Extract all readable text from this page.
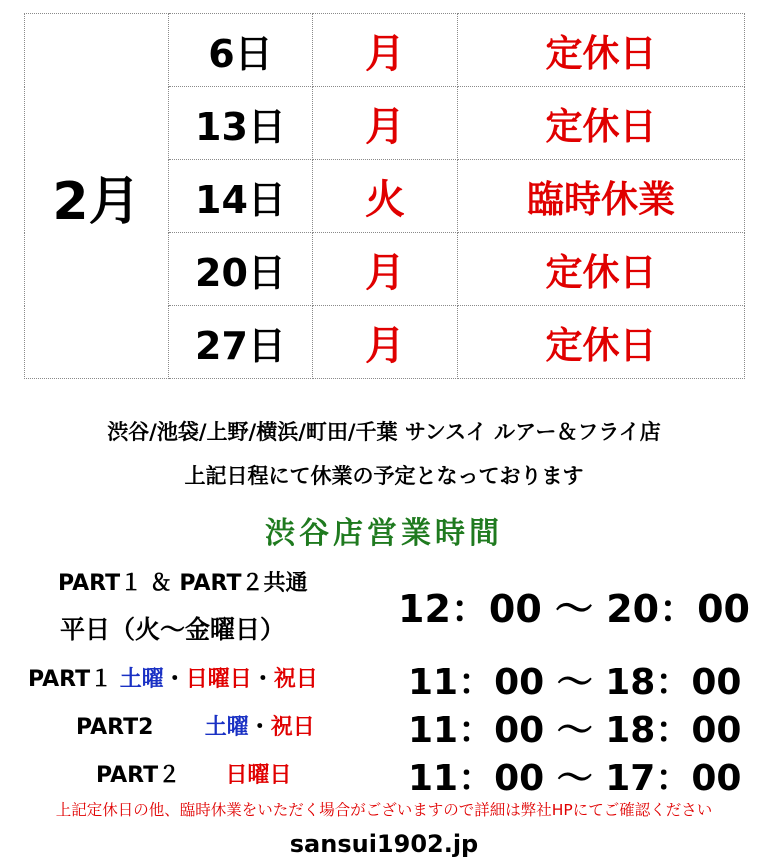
2月	6日	月	定休日
	13日	月	定休日
	14日	火	臨時休業
	20日	月	定休日
	27日	月	定休日
渋谷/池袋/上野/横浜/町田/千葉 サンスイ ルアー＆フライ店
上記日程にて休業の予定となっております
渋谷店営業時間
PART１ ＆ PART２共通
平日（火〜金曜日）	12：00 〜 20：00
PART１ 土曜・日曜日・祝日	11：00 〜 18：00
PART2 土曜・祝日	11：00 〜 18：00
PART２ 日曜日	11：00 〜 17：00
上記定休日の他、臨時休業をいただく場合がございますので詳細は弊社HPにてご確認ください
sansui1902.jp
